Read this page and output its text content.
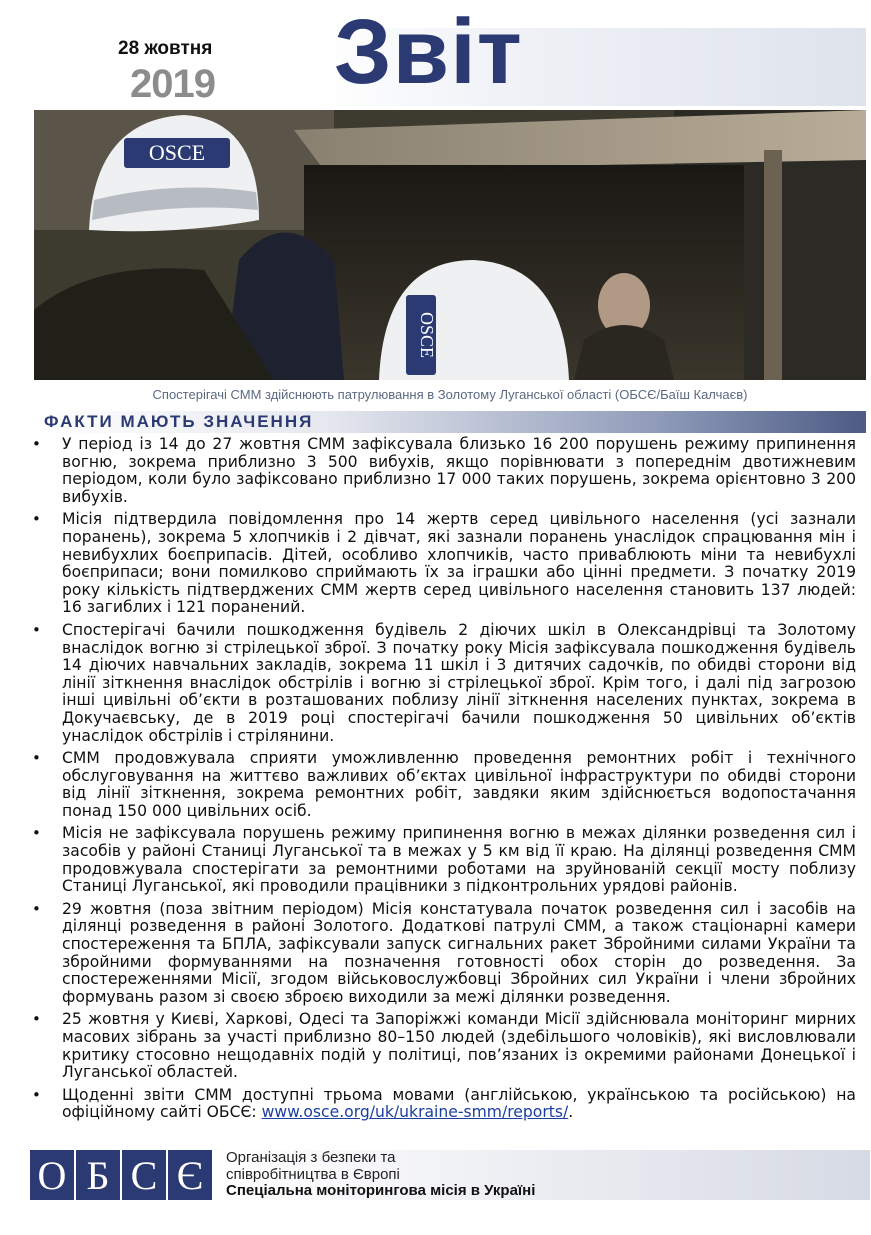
28 жовтня
2019 Звіт
OSCE
OSCE
Спостерігачі СММ здійснюють патрулювання в Золотому Луганської області (ОБСЄ/Баїш Калчаєв)
ФАКТИ МАЮТЬ ЗНАЧЕННЯ
• У період із 14 до 27 жовтня СММ зафіксувала близько 16 200 порушень режиму припинення вогню, зокрема приблизно 3 500 вибухів, якщо порівнювати з попереднім двотижневим періодом, коли було зафіксовано приблизно 17 000 таких порушень, зокрема орієнтовно 3 200 вибухів.
• Місія підтвердила повідомлення про 14 жертв серед цивільного населення (усі зазнали поранень), зокрема 5 хлопчиків і 2 дівчат, які зазнали поранень унаслідок спрацювання мін і невибухлих боєприпасів. Дітей, особливо хлопчиків, часто приваблюють міни та невибухлі боєприпаси; вони помилково сприймають їх за іграшки або цінні предмети. З початку 2019 року кількість підтверджених СММ жертв серед цивільного населення становить 137 людей: 16 загиблих і 121 поранений.
• Спостерігачі бачили пошкодження будівель 2 діючих шкіл в Олександрівці та Золотому внаслідок вогню зі стрілецької зброї. З початку року Місія зафіксувала пошкодження будівель 14 діючих навчальних закладів, зокрема 11 шкіл і 3 дитячих садочків, по обидві сторони від лінії зіткнення внаслідок обстрілів і вогню зі стрілецької зброї. Крім того, і далі під загрозою інші цивільні об’єкти в розташованих поблизу лінії зіткнення населених пунктах, зокрема в Докучаєвську, де в 2019 році спостерігачі бачили пошкодження 50 цивільних об’єктів унаслідок обстрілів і стрілянини.
• СММ продовжувала сприяти уможливленню проведення ремонтних робіт і технічного обслуговування на життєво важливих об’єктах цивільної інфраструктури по обидві сторони від лінії зіткнення, зокрема ремонтних робіт, завдяки яким здійснюється водопостачання понад 150 000 цивільних осіб.
• Місія не зафіксувала порушень режиму припинення вогню в межах ділянки розведення сил і засобів у районі Станиці Луганської та в межах у 5 км від її краю. На ділянці розведення СММ продовжувала спостерігати за ремонтними роботами на зруйнованій секції мосту поблизу Станиці Луганської, які проводили працівники з підконтрольних урядові районів.
• 29 жовтня (поза звітним періодом) Місія констатувала початок розведення сил і засобів на ділянці розведення в районі Золотого. Додаткові патрулі СММ, а також стаціонарні камери спостереження та БПЛА, зафіксували запуск сигнальних ракет Збройними силами України та збройними формуваннями на позначення готовності обох сторін до розведення. За спостереженнями Місії, згодом військовослужбовці Збройних сил України і члени збройних формувань разом зі своєю зброєю виходили за межі ділянки розведення.
• 25 жовтня у Києві, Харкові, Одесі та Запоріжжі команди Місії здійснювала моніторинг мирних масових зібрань за участі приблизно 80–150 людей (здебільшого чоловіків), які висловлювали критику стосовно нещодавніх подій у політиці, пов’язаних із окремими районами Донецької і Луганської областей.
• Щоденні звіти СММ доступні трьома мовами (англійською, українською та російською) на офіційному сайті ОБСЄ: www.osce.org/uk/ukraine-smm/reports/.
О Б С Є	Організація з безпеки та
співробітництва в Європі
Спеціальна моніторингова місія в Україні
